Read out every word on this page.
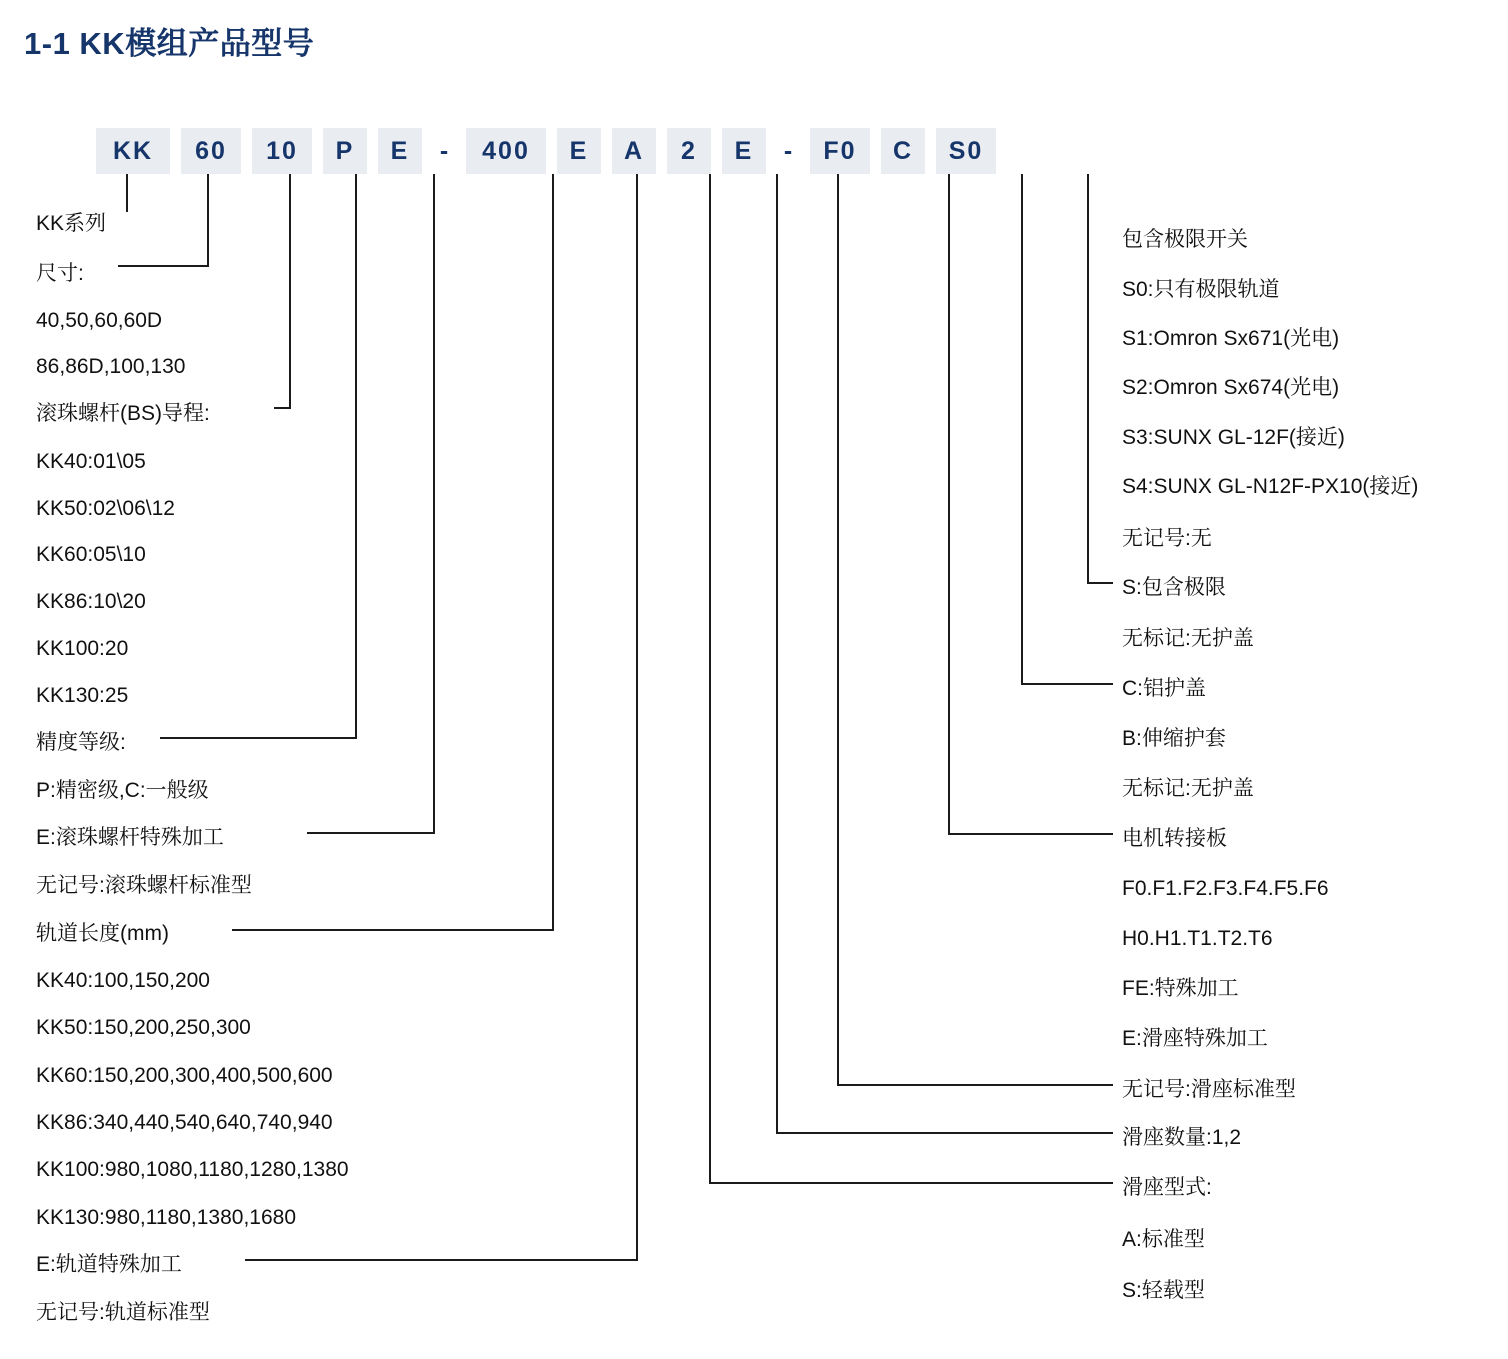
1-1 KK模组产品型号
KK	60	10	P	E	-	400	E	A	2	E	-	F0	C	S0
KK系列
尺寸:
40,50,60,60D
86,86D,100,130
滚珠螺杆(BS)导程:
KK40:01\05
KK50:02\06\12
KK60:05\10
KK86:10\20
KK100:20
KK130:25
精度等级:
P:精密级,C:一般级
E:滚珠螺杆特殊加工
无记号:滚珠螺杆标准型
轨道长度(mm)
KK40:100,150,200
KK50:150,200,250,300
KK60:150,200,300,400,500,600
KK86:340,440,540,640,740,940
KK100:980,1080,1180,1280,1380
KK130:980,1180,1380,1680
E:轨道特殊加工
无记号:轨道标准型
包含极限开关
S0:只有极限轨道
S1:Omron Sx671(光电)
S2:Omron Sx674(光电)
S3:SUNX GL-12F(接近)
S4:SUNX GL-N12F-PX10(接近)
无记号:无
S:包含极限
无标记:无护盖
C:铝护盖
B:伸缩护套
无标记:无护盖
电机转接板
F0.F1.F2.F3.F4.F5.F6
H0.H1.T1.T2.T6
FE:特殊加工
E:滑座特殊加工
无记号:滑座标准型
滑座数量:1,2
滑座型式:
A:标准型
S:轻载型
